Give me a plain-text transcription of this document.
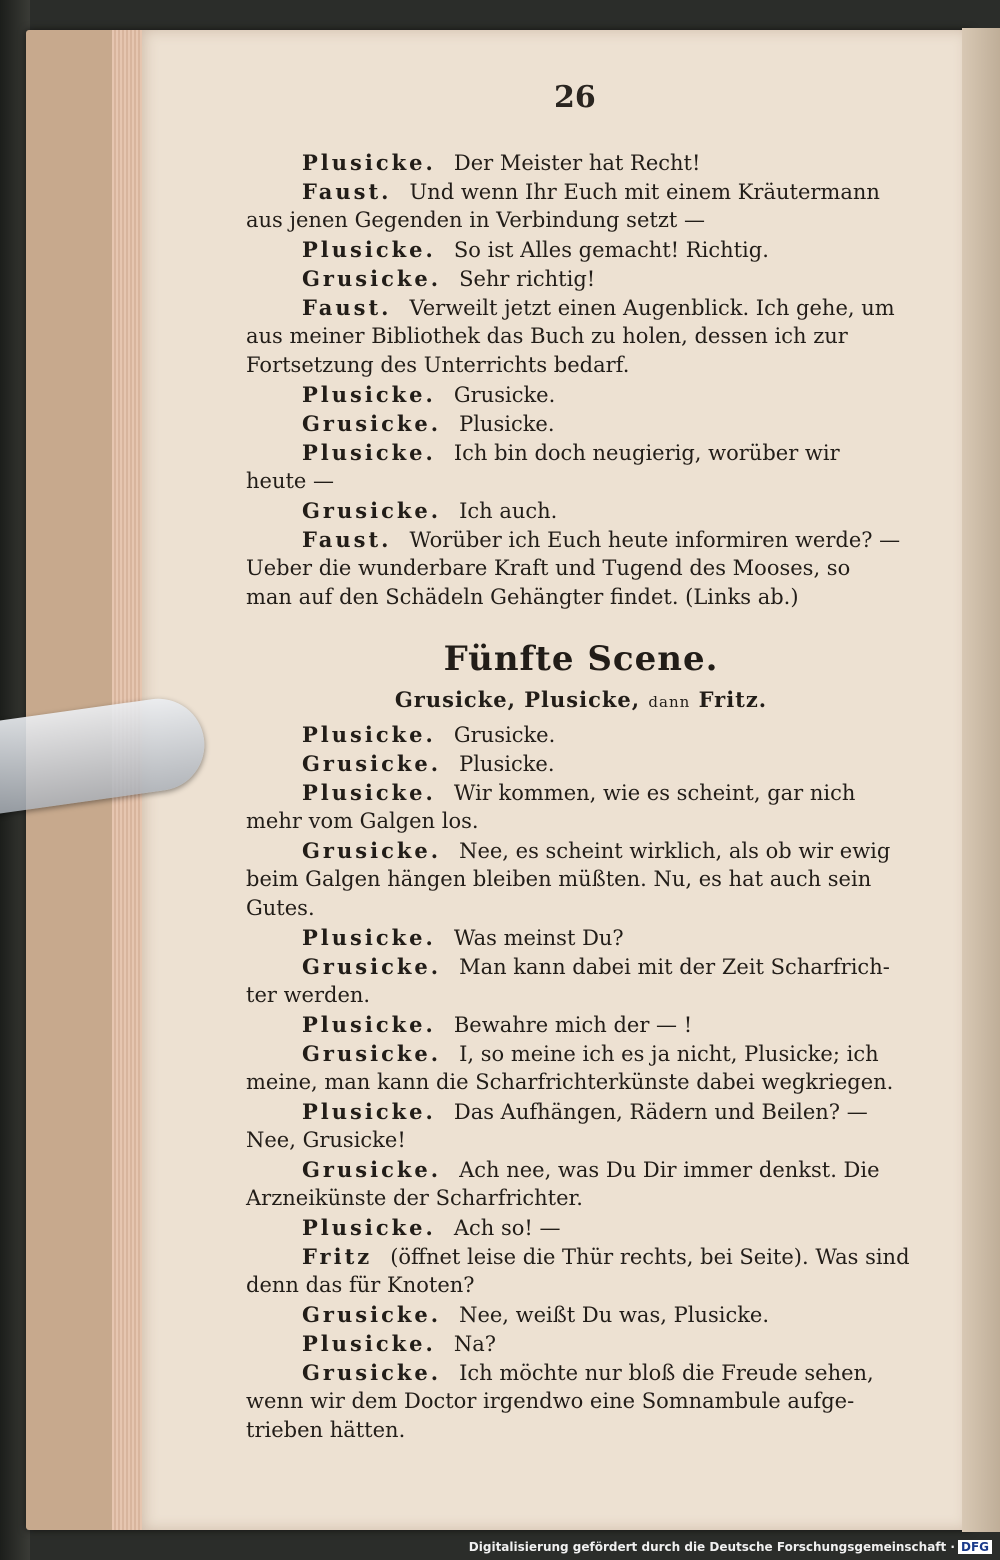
26
Plusicke. Der Meister hat Recht!
Faust. Und wenn Ihr Euch mit einem Kräutermann
aus jenen Gegenden in Verbindung setzt —
Plusicke. So ist Alles gemacht! Richtig.
Grusicke. Sehr richtig!
Faust. Verweilt jetzt einen Augenblick. Ich gehe, um
aus meiner Bibliothek das Buch zu holen, dessen ich zur
Fortsetzung des Unterrichts bedarf.
Plusicke. Grusicke.
Grusicke. Plusicke.
Plusicke. Ich bin doch neugierig, worüber wir
heute —
Grusicke. Ich auch.
Faust. Worüber ich Euch heute informiren werde? —
Ueber die wunderbare Kraft und Tugend des Mooses, so
man auf den Schädeln Gehängter findet. (Links ab.)
Fünfte Scene.
Grusicke, Plusicke, dann Fritz.
Plusicke. Grusicke.
Grusicke. Plusicke.
Plusicke. Wir kommen, wie es scheint, gar nich
mehr vom Galgen los.
Grusicke. Nee, es scheint wirklich, als ob wir ewig
beim Galgen hängen bleiben müßten. Nu, es hat auch sein
Gutes.
Plusicke. Was meinst Du?
Grusicke. Man kann dabei mit der Zeit Scharfrich-
ter werden.
Plusicke. Bewahre mich der — !
Grusicke. I, so meine ich es ja nicht, Plusicke; ich
meine, man kann die Scharfrichterkünste dabei wegkriegen.
Plusicke. Das Aufhängen, Rädern und Beilen? —
Nee, Grusicke!
Grusicke. Ach nee, was Du Dir immer denkst. Die
Arzneikünste der Scharfrichter.
Plusicke. Ach so! —
Fritz (öffnet leise die Thür rechts, bei Seite). Was sind
denn das für Knoten?
Grusicke. Nee, weißt Du was, Plusicke.
Plusicke. Na?
Grusicke. Ich möchte nur bloß die Freude sehen,
wenn wir dem Doctor irgendwo eine Somnambule aufge-
trieben hätten.
Digitalisierung gefördert durch die Deutsche Forschungsgemeinschaft · DFG
